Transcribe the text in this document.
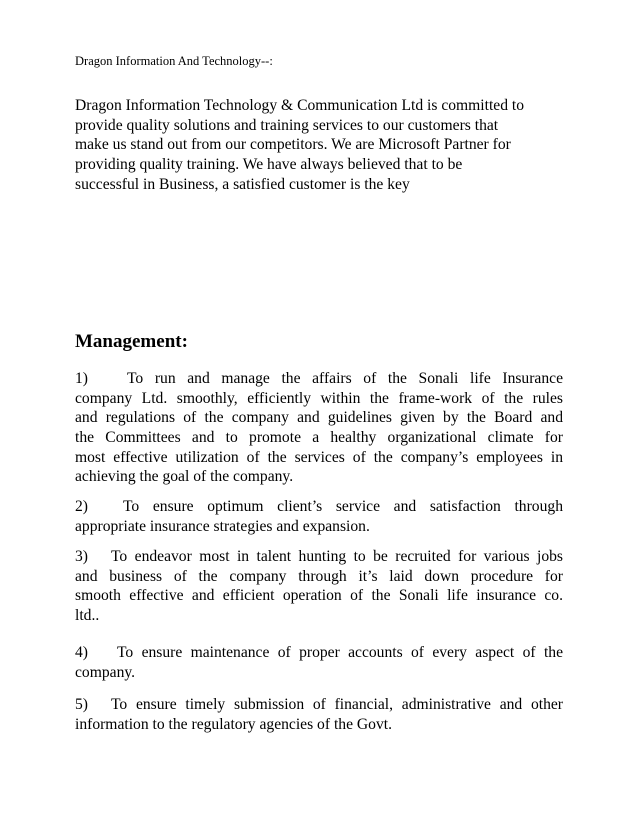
Dragon Information And Technology--:
Dragon Information Technology & Communication Ltd is committed to
provide quality solutions and training services to our customers that
make us stand out from our competitors. We are Microsoft Partner for
providing quality training. We have always believed that to be
successful in Business, a satisfied customer is the key
Management:
1)	To run and manage the affairs of the Sonali life Insurance
company Ltd. smoothly, efficiently within the frame-work of the rules
and regulations of the company and guidelines given by the Board and
the Committees and to promote a healthy organizational climate for
most effective utilization of the services of the company’s employees in
achieving the goal of the company.
2)	To ensure optimum client’s service and satisfaction through
appropriate insurance strategies and expansion.
3)	To endeavor most in talent hunting to be recruited for various jobs
and business of the company through it’s laid down procedure for
smooth effective and efficient operation of the Sonali life insurance co.
ltd..
4)	To ensure maintenance of proper accounts of every aspect of the
company.
5)	To ensure timely submission of financial, administrative and other
information to the regulatory agencies of the Govt.
